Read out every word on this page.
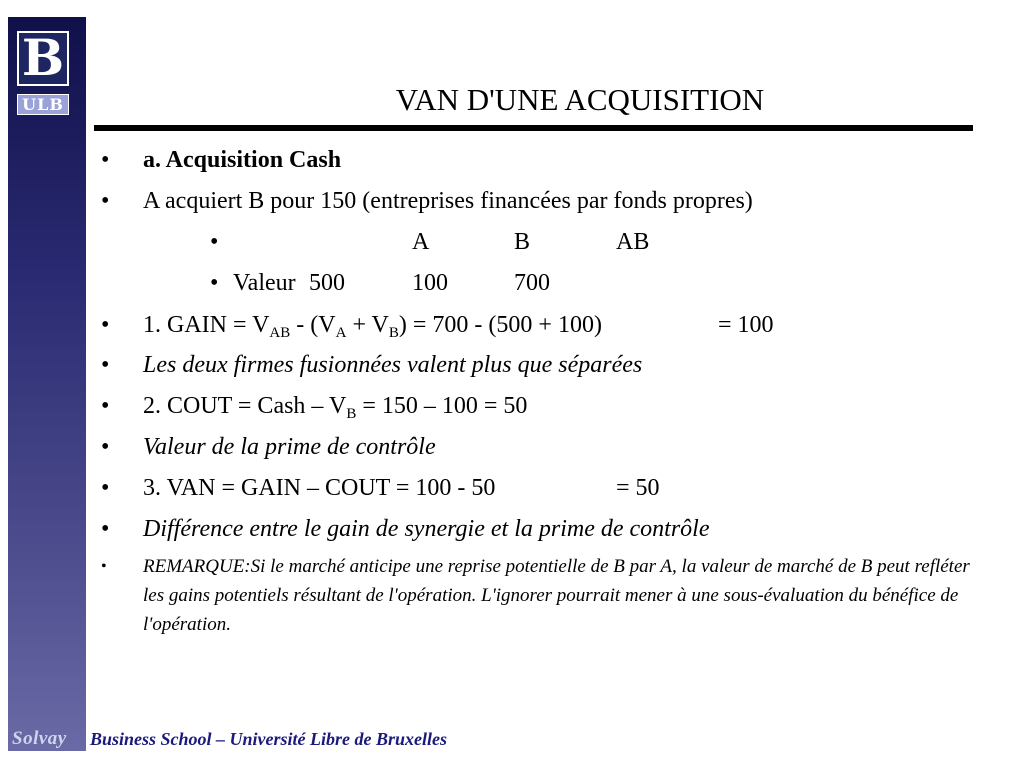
B
ULB	VAN D'UNE ACQUISITION
•	a. Acquisition Cash
•	A acquiert B pour 150 (entreprises financées par fonds propres)
•	A	B	AB
• Valeur 500	100	700
•	1. GAIN = $V_{AB} - (V_A + V_B) = 700 - (500 + 100)$	= 100
•	Les deux firmes fusionnées valent plus que séparées
•	2. COUT = Cash – $V_B = 150 - 100 = 50$
•	Valeur de la prime de contrôle
•	3. VAN = GAIN – COUT = 100 - 50	= 50
•	Différence entre le gain de synergie et la prime de contrôle
•	REMARQUE:Si le marché anticipe une reprise potentielle de B par A, la valeur de marché de B peut refléter les gains potentiels résultant de l'opération. L'ignorer pourrait mener à une sous-évaluation du bénéfice de l'opération.
Solvay Business School – Université Libre de Bruxelles
